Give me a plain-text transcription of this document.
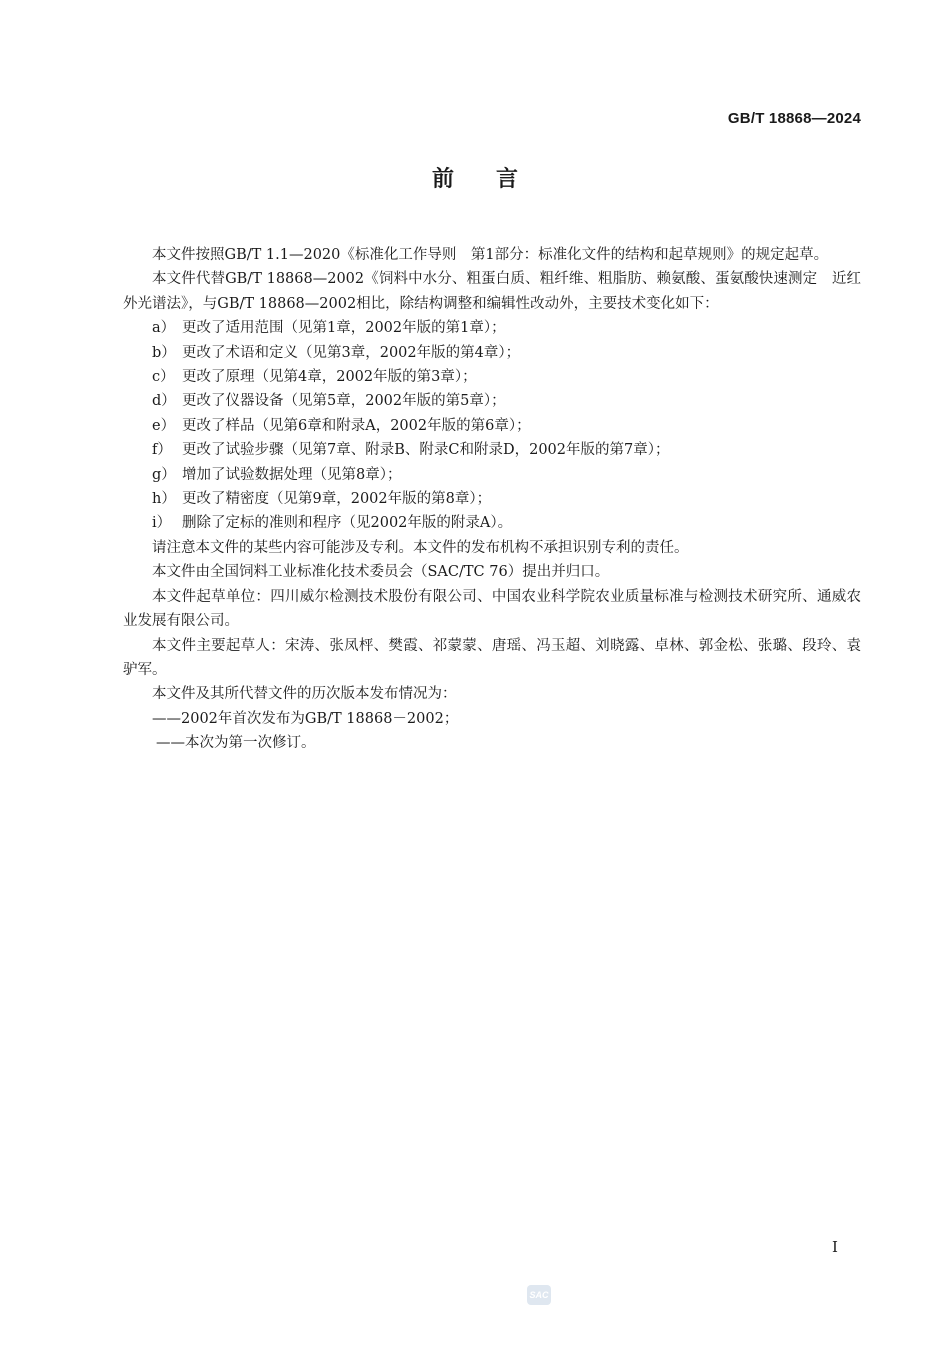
GB/T 18868—2024
前言

本文件按照GB/T 1.1—2020《标准化工作导则　第1部分：标准化文件的结构和起草规则》的规定起草。

本文件代替GB/T 18868—2002《饲料中水分、粗蛋白质、粗纤维、粗脂肪、赖氨酸、蛋氨酸快速测定　近红外光谱法》，与GB/T 18868—2002相比，除结构调整和编辑性改动外，主要技术变化如下：

a） 更改了适用范围（见第1章，2002年版的第1章）；

b） 更改了术语和定义（见第3章，2002年版的第4章）；

c） 更改了原理（见第4章，2002年版的第3章）；

d） 更改了仪器设备（见第5章，2002年版的第5章）；

e） 更改了样品（见第6章和附录A，2002年版的第6章）；

f） 更改了试验步骤（见第7章、附录B、附录C和附录D，2002年版的第7章）；

g） 增加了试验数据处理（见第8章）；

h） 更改了精密度（见第9章，2002年版的第8章）；

i） 删除了定标的准则和程序（见2002年版的附录A）。

请注意本文件的某些内容可能涉及专利。本文件的发布机构不承担识别专利的责任。

本文件由全国饲料工业标准化技术委员会（SAC/TC 76）提出并归口。

本文件起草单位：四川威尔检测技术股份有限公司、中国农业科学院农业质量标准与检测技术研究所、通威农业发展有限公司。

本文件主要起草人：宋涛、张凤枰、樊霞、祁蒙蒙、唐瑶、冯玉超、刘晓露、卓林、郭金松、张璐、段玲、袁驴军。

本文件及其所代替文件的历次版本发布情况为：

——2002年首次发布为GB/T 18868－2002；

——本次为第一次修订。

I
SAC
